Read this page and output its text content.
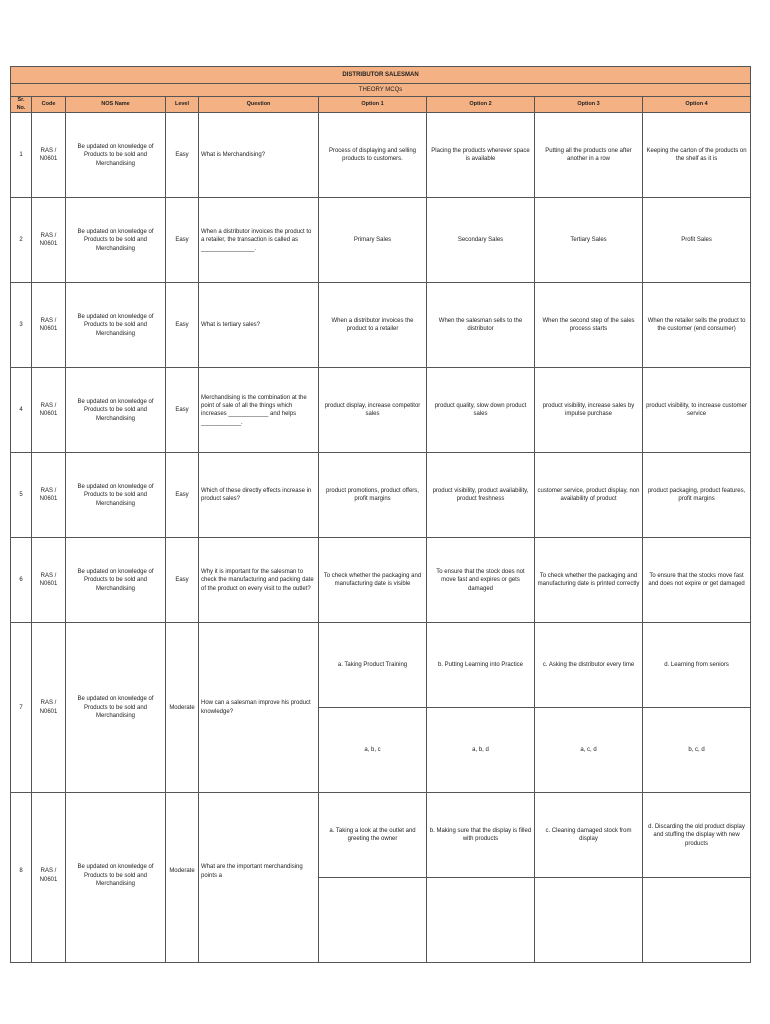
DISTRIBUTOR SALESMAN								
THEORY MCQs								
Sr. No.	Code	NOS Name	Level	Question	Option 1	Option 2	Option 3	Option 4
1	RAS / N0601	Be updated on knowledge of Products to be sold and Merchandising	Easy	What is Merchandising?	Process of displaying and selling products to customers.	Placing the products wherever space is available	Putting all the products one after another in a row	Keeping the carton of the products on the shelf as it is
2	RAS / N0601	Be updated on knowledge of Products to be sold and Merchandising	Easy	When a distributor invoices the product to a retailer, the transaction is called as ________________.	Primary Sales	Secondary Sales	Tertiary Sales	Profit Sales
3	RAS / N0601	Be updated on knowledge of Products to be sold and Merchandising	Easy	What is tertiary sales?	When a distributor invoices the product to a retailer	When the salesman sells to the distributor	When the second step of the sales process starts	When the retailer sells the product to the customer (end consumer)
4	RAS / N0601	Be updated on knowledge of Products to be sold and Merchandising	Easy	Merchandising is the combination at the point of sale of all the things which increases ____________ and helps ____________.	product display, increase competitor sales	product quality, slow down product sales	product visibility, increase sales by impulse purchase	product visibility, to increase customer service
5	RAS / N0601	Be updated on knowledge of Products to be sold and Merchandising	Easy	Which of these directly effects increase in product sales?	product promotions, product offers, profit margins	product visibility, product availability, product freshness	customer service, product display, non availability of product	product packaging, product features, profit margins
6	RAS / N0601	Be updated on knowledge of Products to be sold and Merchandising	Easy	Why it is important for the salesman to check the manufacturing and packing date of the product on every visit to the outlet?	To check whether the packaging and manufacturing date is visible	To ensure that the stock does not move fast and expires or gets damaged	To check whether the packaging and manufacturing date is printed correctly	To ensure that the stocks move fast and does not expire or get damaged
7	RAS / N0601	Be updated on knowledge of Products to be sold and Merchandising	Moderate	How can a salesman improve his product knowledge?	a. Taking Product Training	b. Putting Learning into Practice	c. Asking the distributor every time	d. Learning from seniors
					a, b, c	a, b, d	a, c, d	b, c, d
8	RAS / N0601	Be updated on knowledge of Products to be sold and Merchandising	Moderate	What are the important merchandising points a	a. Taking a look at the outlet and greeting the owner	b. Making sure that the display is filled with products	c. Cleaning damaged stock from display	d. Discarding the old product display and stuffing the display with new products
